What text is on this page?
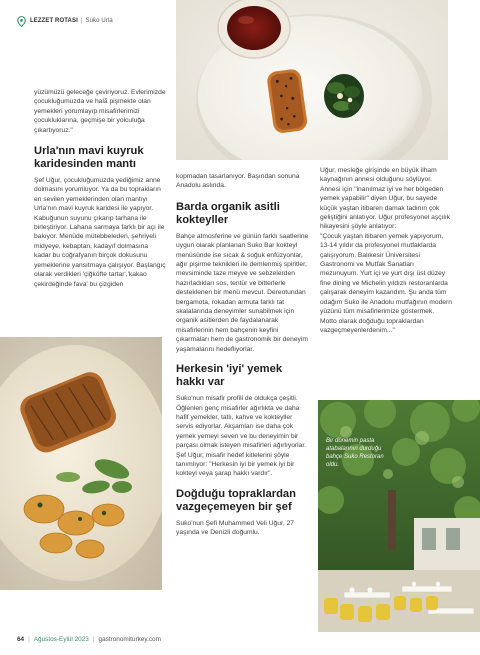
LEZZET ROTASI | Suƙo Urla

yüzümüzü geleceğe çeviriyoruz. Evlerimizde çocukluğumuzda ve hala̋ pişmekte olan yemekleri yorumlayıp misafirlerimizi çocukluklarına, geçmişe bir yolculuğa çıkartıyoruz."

Urla'nın mavi kuyruk karidesinden mantı

Şef Uğur, çocukluğumuzda yediğimiz anne dolmasını yorumluyor. Ya da bu toprakların en sevilen yemeklerinden olan mantıyı Urla'nın mavi kuyruk karidesi ile yapıyor. Kabuğunun suyunu çıkarıp tarhana ile birleştiriyor. Lahana sarmaya farklı bir açı ile bakıyor. Menüde mütebbeleden, şehriyeli midyeye, kebaptan, kadayıf dolmasına kadar bu coğrafyanın birçok dokusunu yemeklerine yansıtmaya çalışıyor. Başlangıç olarak verdikleri 'çiğköfte tartar','kakao çekirdeğinde fava' bu çizgiden

kopmadan tasarlanıyor. Başından sonuna Anadolu aslında.

Barda organik asitli kokteyller

Bahçe atmosferine ve günün farklı saatlerine uygun olarak planlanan Suƙo Bar kokteyl menüsünde ise sıcak & soğuk enfüzyonlar, ağır pişirme teknikleri ile demlenmiş spiritler, mevsiminde taze meyve ve sebzelerden hazırladıkları sos, tentür ve bitterlerle desteklenen bir menü mevcut. Dereotundan bergamota, rokadan armuta farklı tat skalalarında deneyimler sunabilmek için organik asitlerden de faydalanarak misafirlerinin hem bahçenin keyfini çıkarmaları hem de gastronomik bir deneyim yaşamalarını hedefliyorlar.

Herkesin 'iyi' yemek hakkı var

Suƙo'nun misafir profili de oldukça çeşitli. Öğlenleri genç misafirler ağırlıkta ve daha hafif yemekler, tatlı, kahve ve kokteyller servis ediyorlar. Akşamları ise daha çok yemek yemeyi seven ve bu deneyimin bir parçası olmak isteyen misafirleri ağırlıyorlar. Şef Uğur, misafir hedef kitlelerini şöyle tanımlıyor: "Herkesin iyi bir yemek iyi bir kokteyl veya şarap hakkı vardır".

Doğduğu topraklardan vazgeçemeyen bir şef

Suƙo'nun Şefi Muhammed Veli Uğur, 27 yaşında ve Denizli doğumlu.

Uğur, mesleğe girişinde en büyük ilham kaynağının annesi olduğunu söylüyor. Annesi için "inanılmaz iyi ve her bölgeden yemek yapabilir" diyen Uğur, bu sayede küçük yaştan itibaren damak tadının çok geliştiğini anlatıyor. Uğur profesyonel aşçılık hikayesini şöyle anlatıyor:

"Çocuk yaştan itibaren yemek yapıyorum, 13-14 yıldır da profesyonel mutfaklarda çalışıyorum. Balıkesir Üniversitesi Gastronomi ve Mutfak Sanatları mezunuyum. Yurt içi ve yurt dışı üst düzey fine dining ve Michelin yıldızlı restoranlarda çalışarak deneyim kazandım. Şu anda tüm odağım Suƙo ile Anadolu mutfağının modern yüzünü tüm misafirlerimize göstermek. Motto olarak doğduğu topraklardan vazgeçmeyenlerdenim..."

Bir dönemin pasta atabalarının durduğu bahçe Suƙo Restoran oldu.
64 | Ağustos-Eylül 2023 | gastronomiturkey.com
